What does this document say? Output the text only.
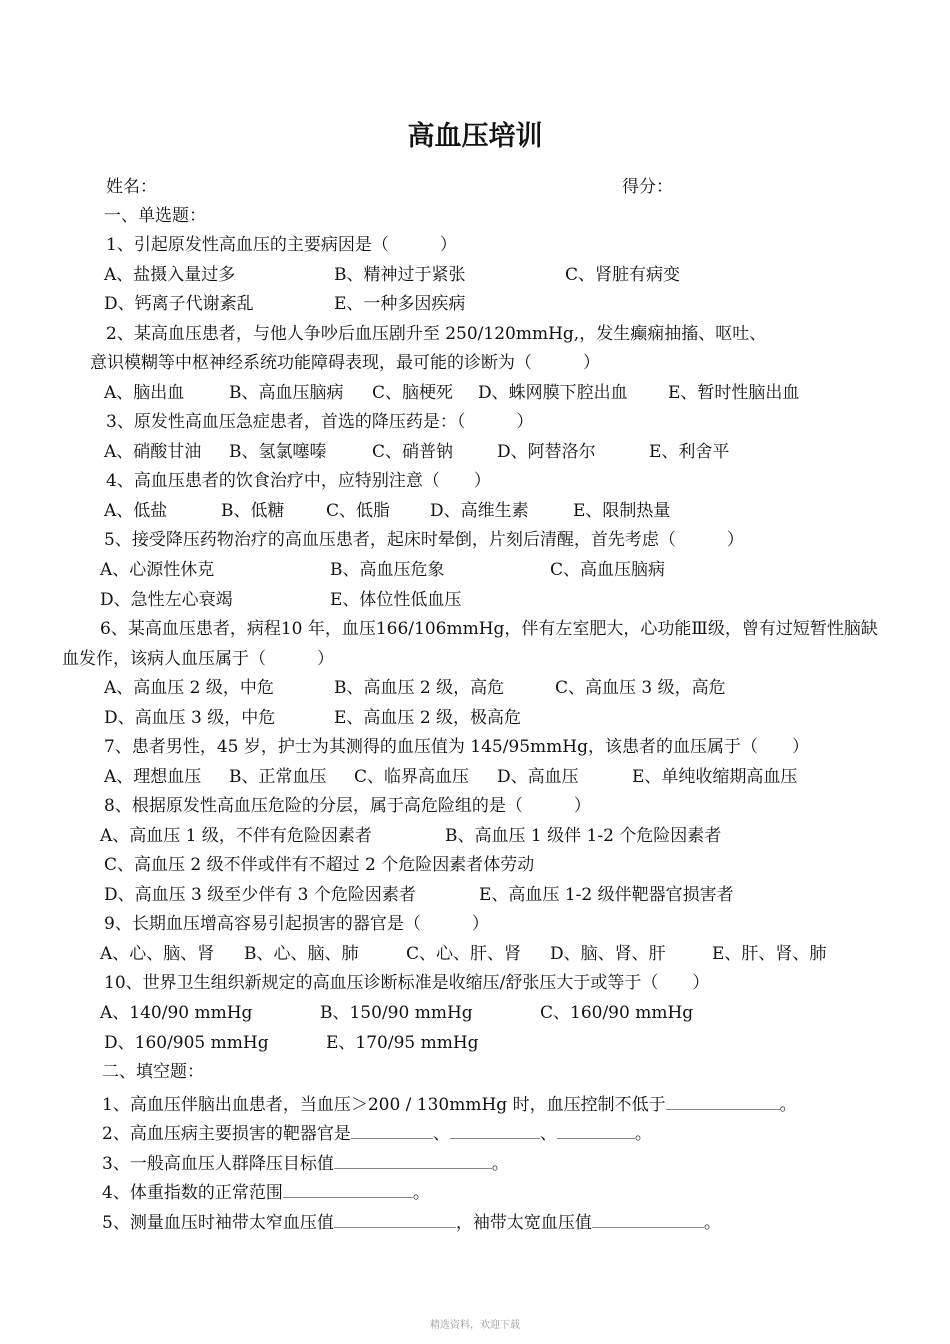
高血压培训
姓名：	得分：
一、单选题：
1、引起原发性高血压的主要病因是（　　　）
A、盐摄入量过多	B、精神过于紧张	C、肾脏有病变
D、钙离子代谢紊乱	E、一种多因疾病
2、某高血压患者，与他人争吵后血压剧升至 250/120mmHg,，发生癫痫抽搐、呕吐、
意识模糊等中枢神经系统功能障碍表现，最可能的诊断为（　　　）
A、脑出血	B、高血压脑病 C、脑梗死 D、蛛网膜下腔出血 E、暂时性脑出血
3、原发性高血压急症患者，首选的降压药是：（　　　）
A、硝酸甘油 B、氢氯噻嗪	C、硝普钠	D、阿替洛尔	E、利舍平
4、高血压患者的饮食治疗中，应特别注意（　　）
A、低盐	B、低糖 C、低脂 D、高维生素	E、限制热量
5、接受降压药物治疗的高血压患者，起床时晕倒，片刻后清醒，首先考虑（　　　）
A、心源性休克	B、高血压危象	C、高血压脑病
D、急性左心衰竭	E、体位性低血压
6、某高血压患者，病程10 年，血压166/106mmHg，伴有左室肥大，心功能Ⅲ级，曾有过短暂性脑缺
血发作，该病人血压属于（　　　）
A、高血压 2 级，中危	B、高血压 2 级，高危	C、高血压 3 级，高危
D、高血压 3 级，中危	E、高血压 2 级，极高危
7、患者男性，45 岁，护士为其测得的血压值为 145/95mmHg，该患者的血压属于（　　）
A、理想血压 B、正常血压 C、临界高血压 D、高血压	E、单纯收缩期高血压
8、根据原发性高血压危险的分层，属于高危险组的是（　　　）
A、高血压 1 级，不伴有危险因素者	B、高血压 1 级伴 1-2 个危险因素者
C、高血压 2 级不伴或伴有不超过 2 个危险因素者体劳动
D、高血压 3 级至少伴有 3 个危险因素者	E、高血压 1-2 级伴靶器官损害者
9、长期血压增高容易引起损害的器官是（　　　）
A、心、脑、肾 B、心、脑、肺	C、心、肝、肾 D、脑、肾、肝	E、肝、肾、肺
10、世界卫生组织新规定的高血压诊断标准是收缩压/舒张压大于或等于（　　）
A、140/90 mmHg	B、150/90 mmHg	C、160/90 mmHg
D、160/905 mmHg	E、170/95 mmHg
二、填空题：
1、高血压伴脑出血患者，当血压＞200 / 130mmHg 时，血压控制不低于	。
2、高血压病主要损害的靶器官是	、	、	。
3、一般高血压人群降压目标值	。
4、体重指数的正常范围	。
5、测量血压时袖带太窄血压值	，袖带太宽血压值	。
精选资料，欢迎下载
